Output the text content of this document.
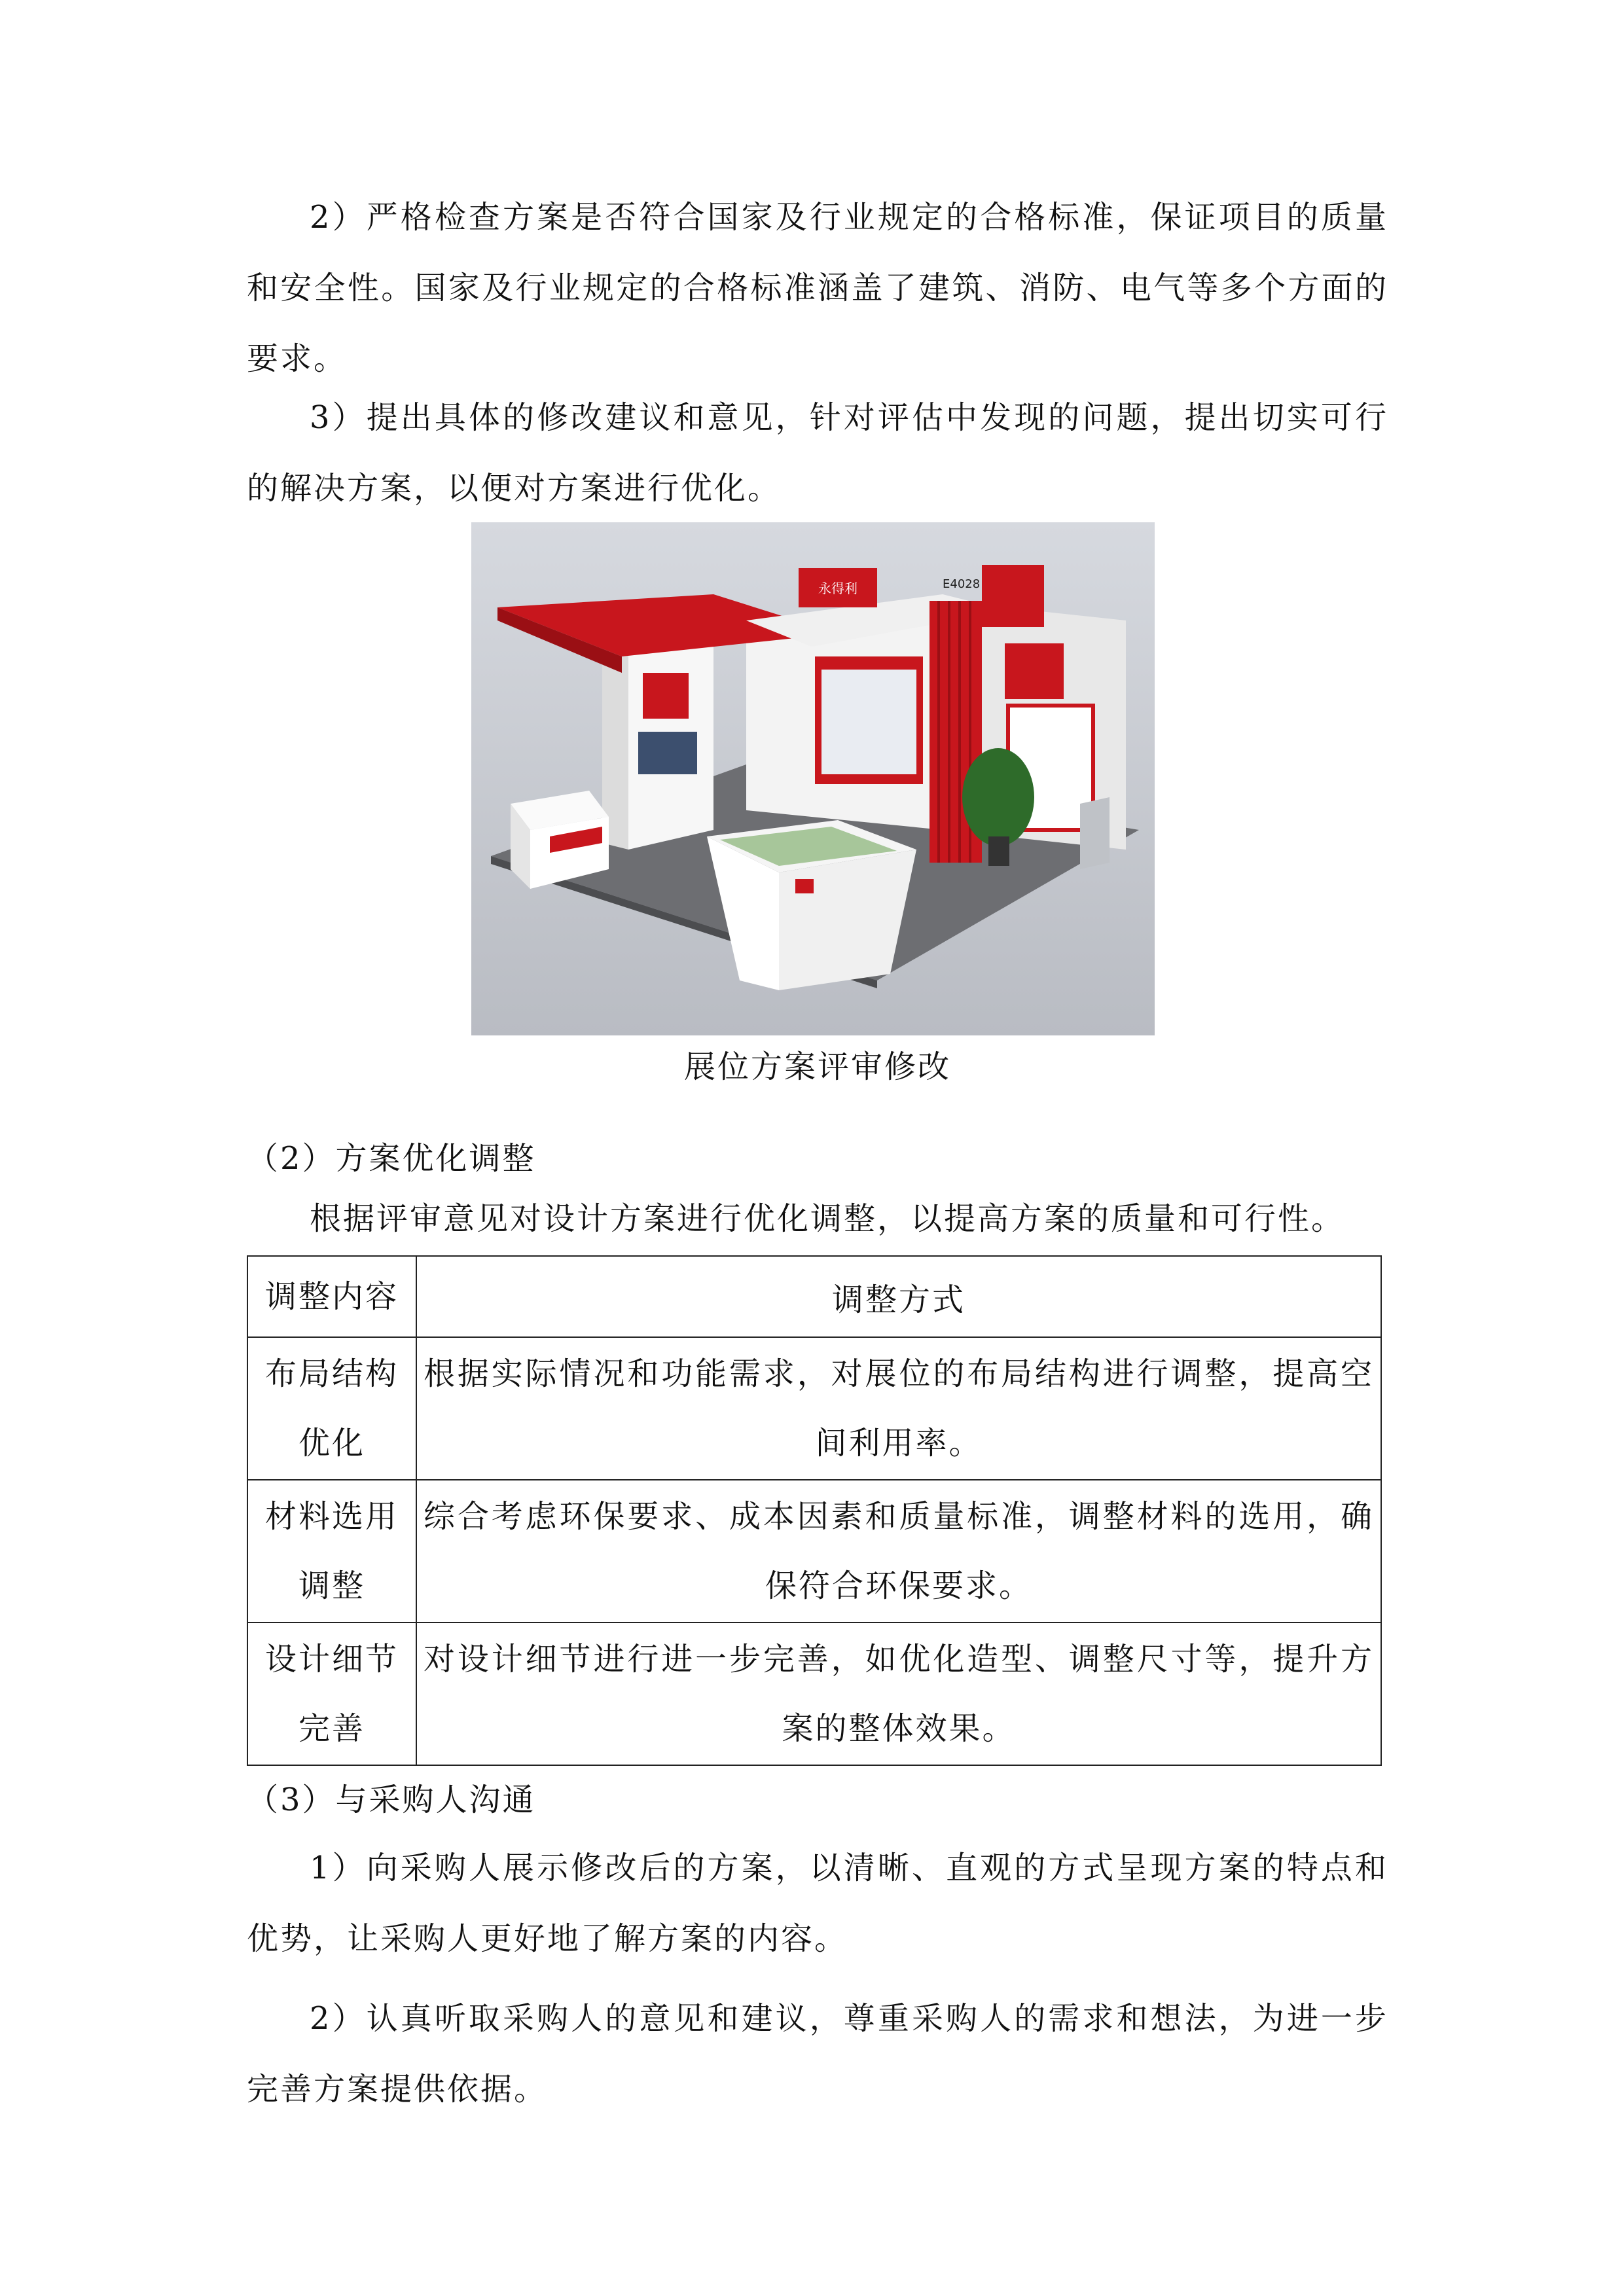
2）严格检查方案是否符合国家及行业规定的合格标准，保证项目的质量和安全性。国家及行业规定的合格标准涵盖了建筑、消防、电气等多个方面的要求。

3）提出具体的修改建议和意见，针对评估中发现的问题，提出切实可行的解决方案，以便对方案进行优化。

永得利	E4028
展位方案评审修改

（2）方案优化调整

根据评审意见对设计方案进行优化调整，以提高方案的质量和可行性。

调整内容	调整方式
布局结构优化	根据实际情况和功能需求，对展位的布局结构进行调整，提高空间利用率。
材料选用调整	综合考虑环保要求、成本因素和质量标准，调整材料的选用，确保符合环保要求。
设计细节完善	对设计细节进行进一步完善，如优化造型、调整尺寸等，提升方案的整体效果。

（3）与采购人沟通

1）向采购人展示修改后的方案，以清晰、直观的方式呈现方案的特点和优势，让采购人更好地了解方案的内容。

2）认真听取采购人的意见和建议，尊重采购人的需求和想法，为进一步完善方案提供依据。
